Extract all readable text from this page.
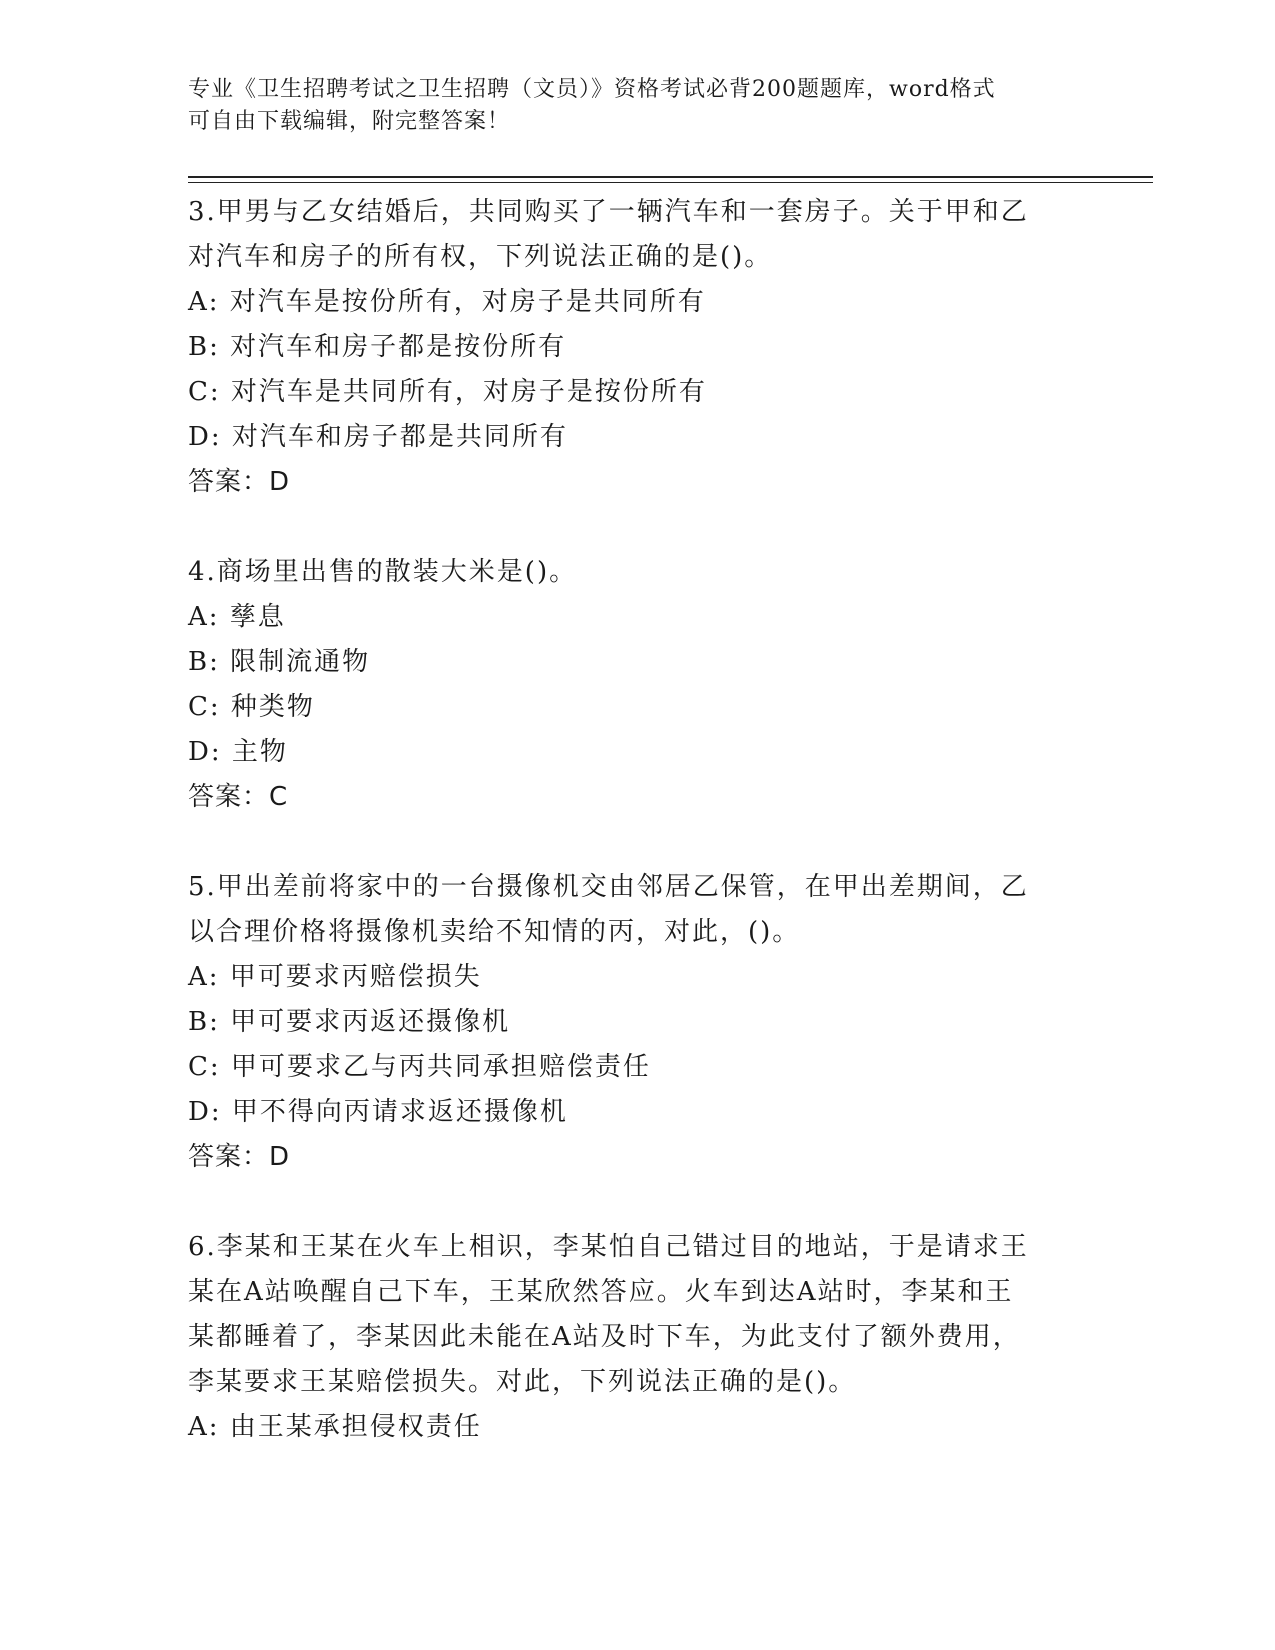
专业《卫生招聘考试之卫生招聘（文员）》资格考试必背200题题库，word格式
可自由下载编辑，附完整答案！

3.甲男与乙女结婚后，共同购买了一辆汽车和一套房子。关于甲和乙

对汽车和房子的所有权，下列说法正确的是()。

A: 对汽车是按份所有，对房子是共同所有

B: 对汽车和房子都是按份所有

C: 对汽车是共同所有，对房子是按份所有

D: 对汽车和房子都是共同所有

答案：D

4.商场里出售的散装大米是()。

A: 孳息

B: 限制流通物

C: 种类物

D: 主物

答案：C

5.甲出差前将家中的一台摄像机交由邻居乙保管，在甲出差期间，乙

以合理价格将摄像机卖给不知情的丙，对此，()。

A: 甲可要求丙赔偿损失

B: 甲可要求丙返还摄像机

C: 甲可要求乙与丙共同承担赔偿责任

D: 甲不得向丙请求返还摄像机

答案：D

6.李某和王某在火车上相识，李某怕自己错过目的地站，于是请求王

某在A站唤醒自己下车，王某欣然答应。火车到达A站时，李某和王

某都睡着了，李某因此未能在A站及时下车，为此支付了额外费用，

李某要求王某赔偿损失。对此，下列说法正确的是()。

A: 由王某承担侵权责任
